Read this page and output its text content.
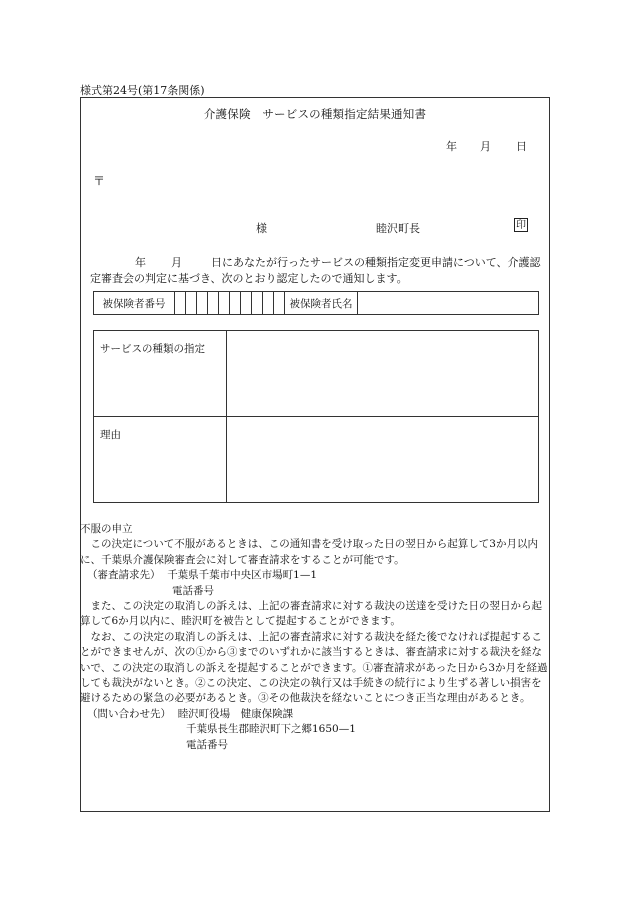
様式第24号(第17条関係)
介護保険　サービスの種類指定結果通知書
年 月 日
〒
様	睦沢町長	印
年 月	日にあなたが行ったサービスの種類指定変更申請について、介護認定審査会の判定に基づき、次のとおり認定したので通知します。
被保険者番号											被保険者氏名	
サービスの種類の指定	
理由	

不服の申立

この決定について不服があるときは、この通知書を受け取った日の翌日から起算して3か月以内に、千葉県介護保険審査会に対して審査請求をすることが可能です。

（審査請求先） 千葉県千葉市中央区市場町1—1

電話番号

また、この決定の取消しの訴えは、上記の審査請求に対する裁決の送達を受けた日の翌日から起算して6か月以内に、睦沢町を被告として提起することができます。

なお、この決定の取消しの訴えは、上記の審査請求に対する裁決を経た後でなければ提起することができませんが、次の①から③までのいずれかに該当するときは、審査請求に対する裁決を経ないで、この決定の取消しの訴えを提起することができます。①審査請求があった日から3か月を経過しても裁決がないとき。②この決定、この決定の執行又は手続きの続行により生ずる著しい損害を避けるための緊急の必要があるとき。③その他裁決を経ないことにつき正当な理由があるとき。

（問い合わせ先） 睦沢町役場　健康保険課

千葉県長生郡睦沢町下之郷1650—1

電話番号
